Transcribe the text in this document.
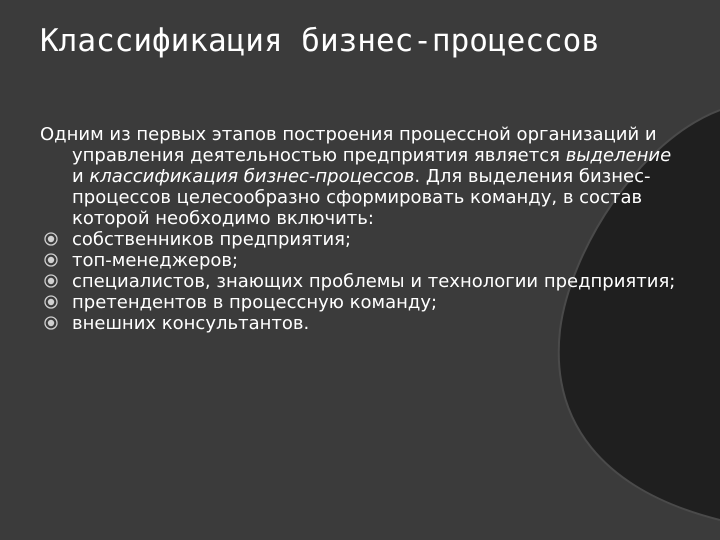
Классификация бизнес-процессов

Одним из первых этапов построения процессной организаций и управления деятельностью предприятия является выделение и классификация бизнес-процессов. Для выделения бизнес-процессов целесообразно сформировать команду, в состав которой необходимо включить:

собственников предприятия;
топ-менеджеров;
специалистов, знающих проблемы и технологии предприятия;
претендентов в процессную команду;
внешних консультантов.
